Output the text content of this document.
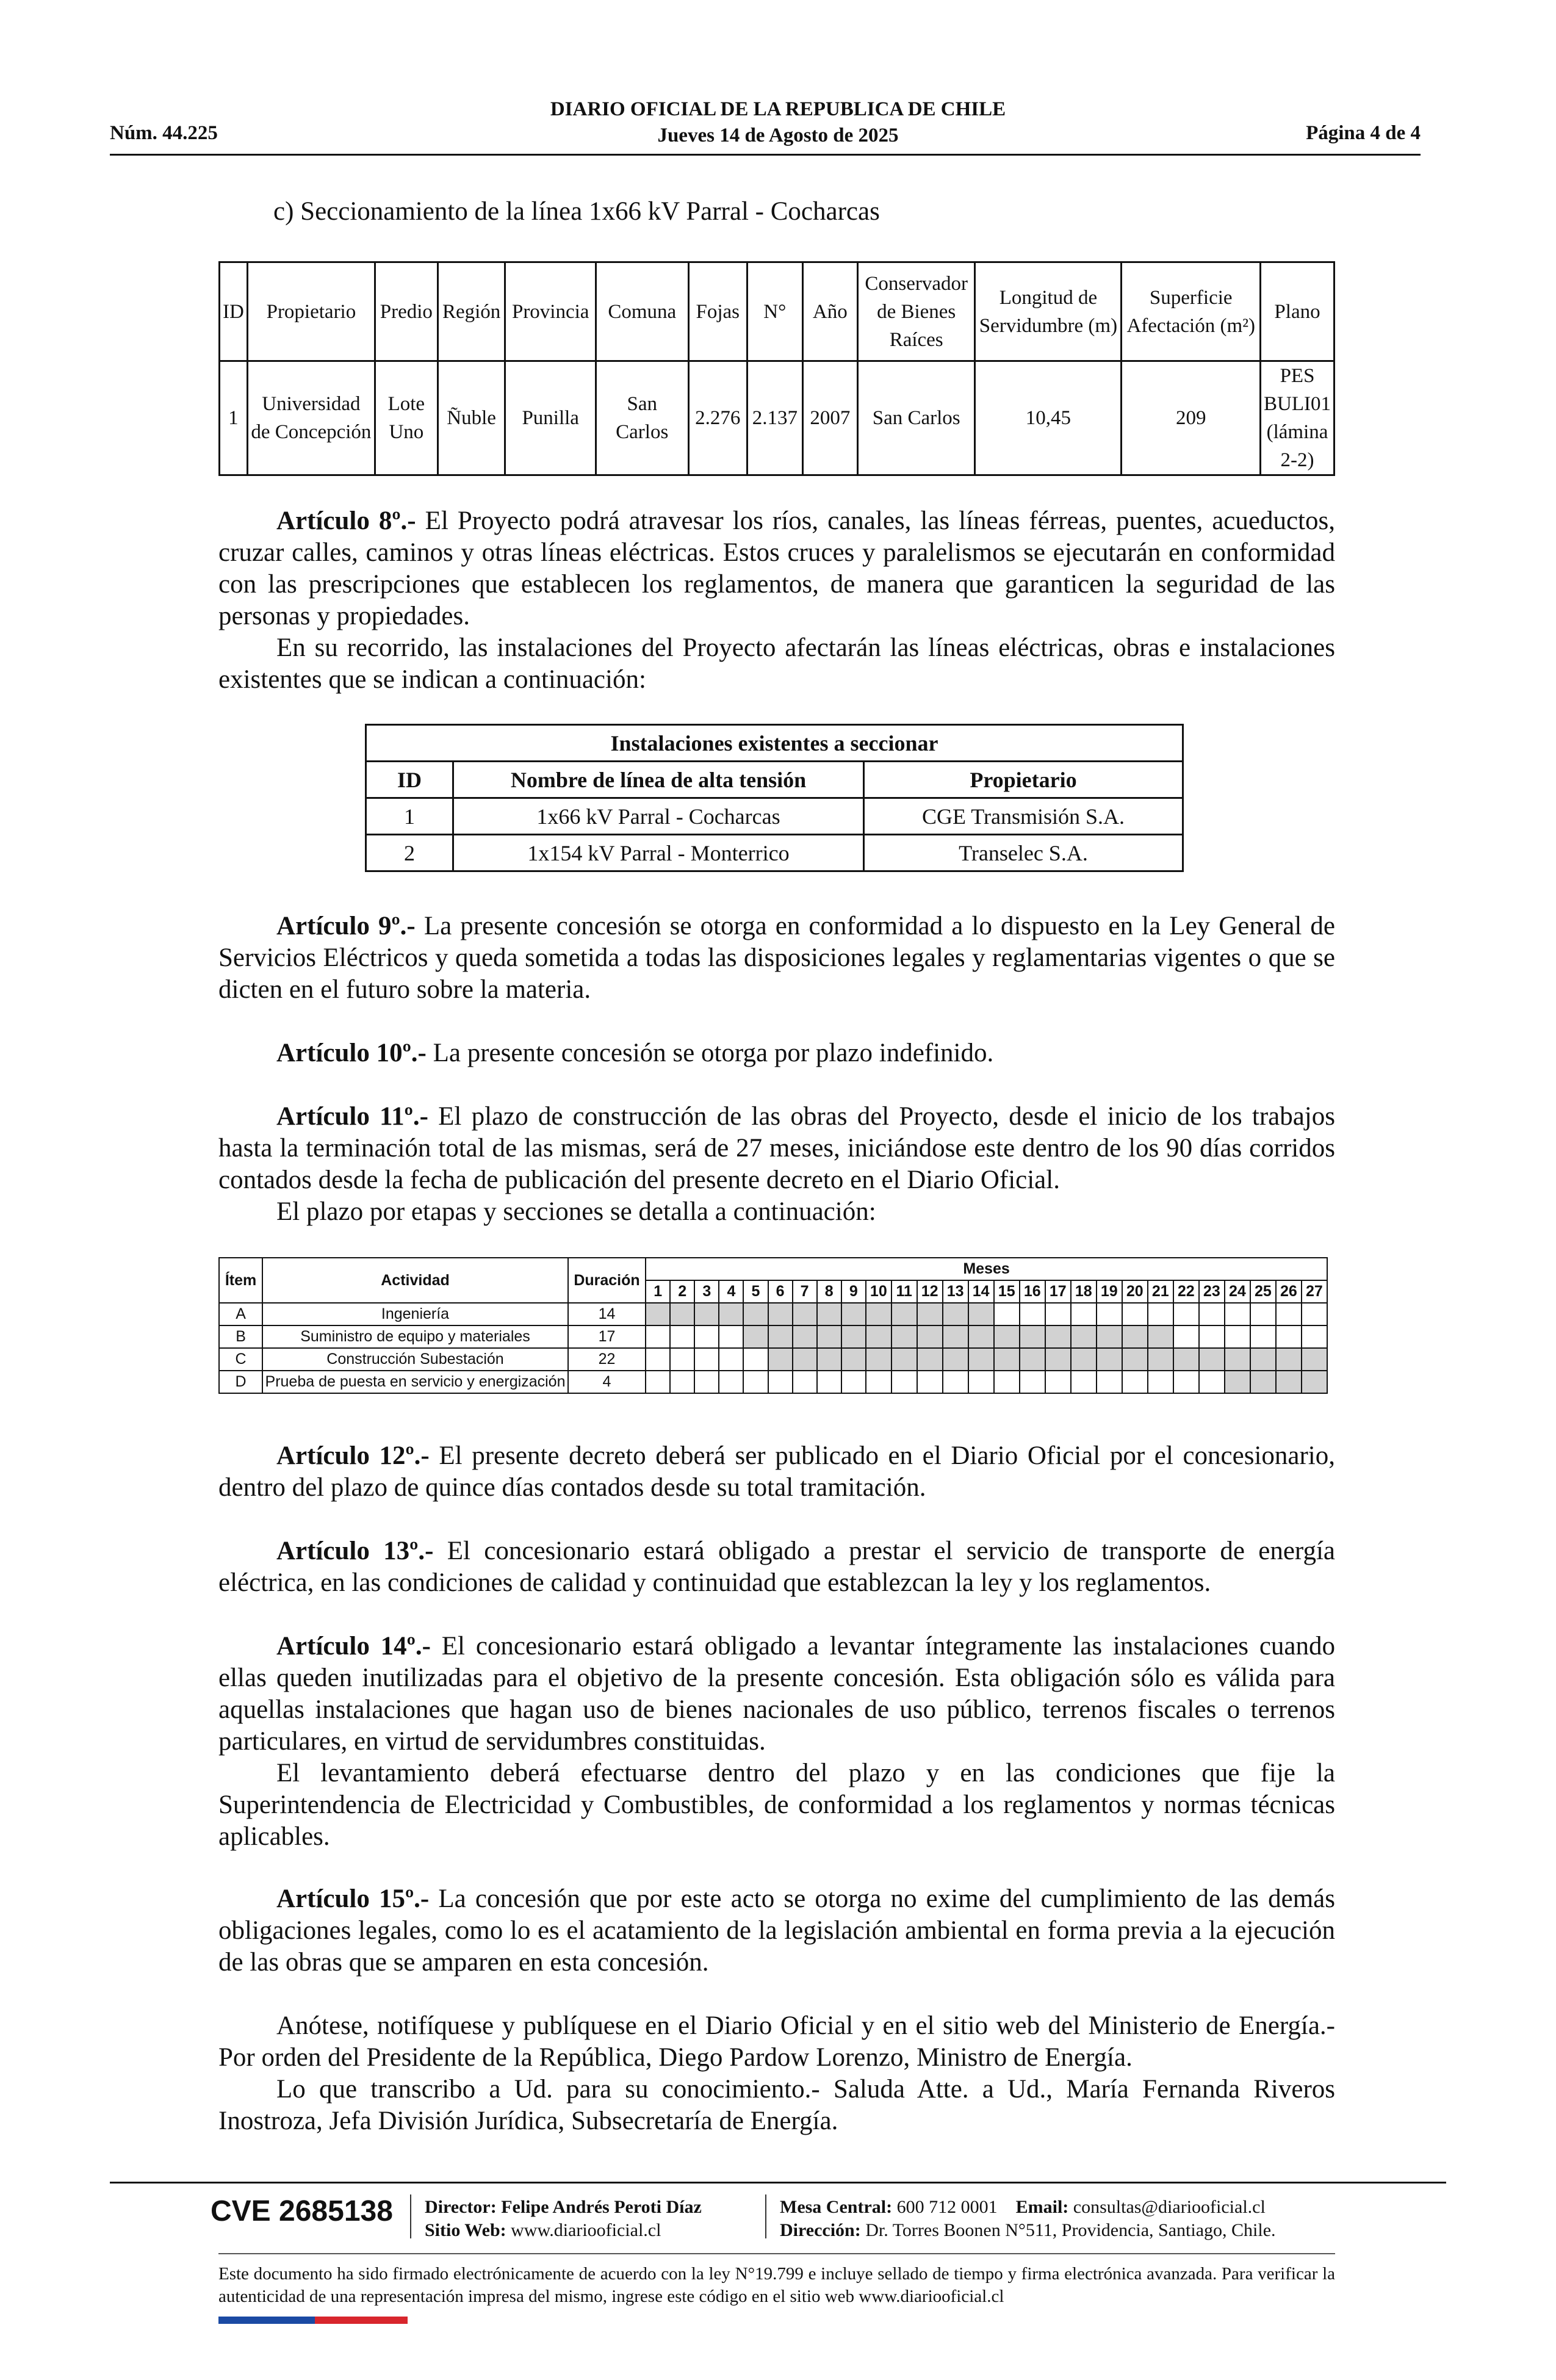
DIARIO OFICIAL DE LA REPUBLICA DE CHILE
Jueves 14 de Agosto de 2025
Núm. 44.225	Página 4 de 4
c) Seccionamiento de la línea 1x66 kV Parral - Cocharcas
ID	Propietario	Predio	Región	Provincia	Comuna	Fojas	N°	Año	Conservador de Bienes Raíces	Longitud de Servidumbre (m)	Superficie Afectación (m²)	Plano
1	Universidad de Concepción	Lote Uno	Ñuble	Punilla	San Carlos	2.276	2.137	2007	San Carlos	10,45	209	PES BULI01 (lámina 2-2)

Artículo 8º.- El Proyecto podrá atravesar los ríos, canales, las líneas férreas, puentes, acueductos, cruzar calles, caminos y otras líneas eléctricas. Estos cruces y paralelismos se ejecutarán en conformidad con las prescripciones que establecen los reglamentos, de manera que garanticen la seguridad de las personas y propiedades.

En su recorrido, las instalaciones del Proyecto afectarán las líneas eléctricas, obras e instalaciones existentes que se indican a continuación:

Instalaciones existentes a seccionar		
ID	Nombre de línea de alta tensión	Propietario
1	1x66 kV Parral - Cocharcas	CGE Transmisión S.A.
2	1x154 kV Parral - Monterrico	Transelec S.A.

Artículo 9º.- La presente concesión se otorga en conformidad a lo dispuesto en la Ley General de Servicios Eléctricos y queda sometida a todas las disposiciones legales y reglamentarias vigentes o que se dicten en el futuro sobre la materia.

Artículo 10º.- La presente concesión se otorga por plazo indefinido.

Artículo 11º.- El plazo de construcción de las obras del Proyecto, desde el inicio de los trabajos hasta la terminación total de las mismas, será de 27 meses, iniciándose este dentro de los 90 días corridos contados desde la fecha de publicación del presente decreto en el Diario Oficial.

El plazo por etapas y secciones se detalla a continuación:

Ítem	Actividad	Duración	Meses																										
			1	2	3	4	5	6	7	8	9	10	11	12	13	14	15	16	17	18	19	20	21	22	23	24	25	26	27
A	Ingeniería	14																											
B	Suministro de equipo y materiales	17																											
C	Construcción Subestación	22																											
D	Prueba de puesta en servicio y energización	4																											

Artículo 12º.- El presente decreto deberá ser publicado en el Diario Oficial por el concesionario, dentro del plazo de quince días contados desde su total tramitación.

Artículo 13º.- El concesionario estará obligado a prestar el servicio de transporte de energía eléctrica, en las condiciones de calidad y continuidad que establezcan la ley y los reglamentos.

Artículo 14º.- El concesionario estará obligado a levantar íntegramente las instalaciones cuando ellas queden inutilizadas para el objetivo de la presente concesión. Esta obligación sólo es válida para aquellas instalaciones que hagan uso de bienes nacionales de uso público, terrenos fiscales o terrenos particulares, en virtud de servidumbres constituidas.

El levantamiento deberá efectuarse dentro del plazo y en las condiciones que fije la Superintendencia de Electricidad y Combustibles, de conformidad a los reglamentos y normas técnicas aplicables.

Artículo 15º.- La concesión que por este acto se otorga no exime del cumplimiento de las demás obligaciones legales, como lo es el acatamiento de la legislación ambiental en forma previa a la ejecución de las obras que se amparen en esta concesión.

Anótese, notifíquese y publíquese en el Diario Oficial y en el sitio web del Ministerio de Energía.- Por orden del Presidente de la República, Diego Pardow Lorenzo, Ministro de Energía.

Lo que transcribo a Ud. para su conocimiento.- Saluda Atte. a Ud., María Fernanda Riveros Inostroza, Jefa División Jurídica, Subsecretaría de Energía.

CVE 2685138 Director: Felipe Andrés Peroti Díaz
Sitio Web: www.diariooficial.cl
Mesa Central: 600 712 0001 Email: consultas@diariooficial.cl
Dirección: Dr. Torres Boonen N°511, Providencia, Santiago, Chile.
Este documento ha sido firmado electrónicamente de acuerdo con la ley N°19.799 e incluye sellado de tiempo y firma electrónica avanzada. Para verificar la autenticidad de una representación impresa del mismo, ingrese este código en el sitio web www.diariooficial.cl
